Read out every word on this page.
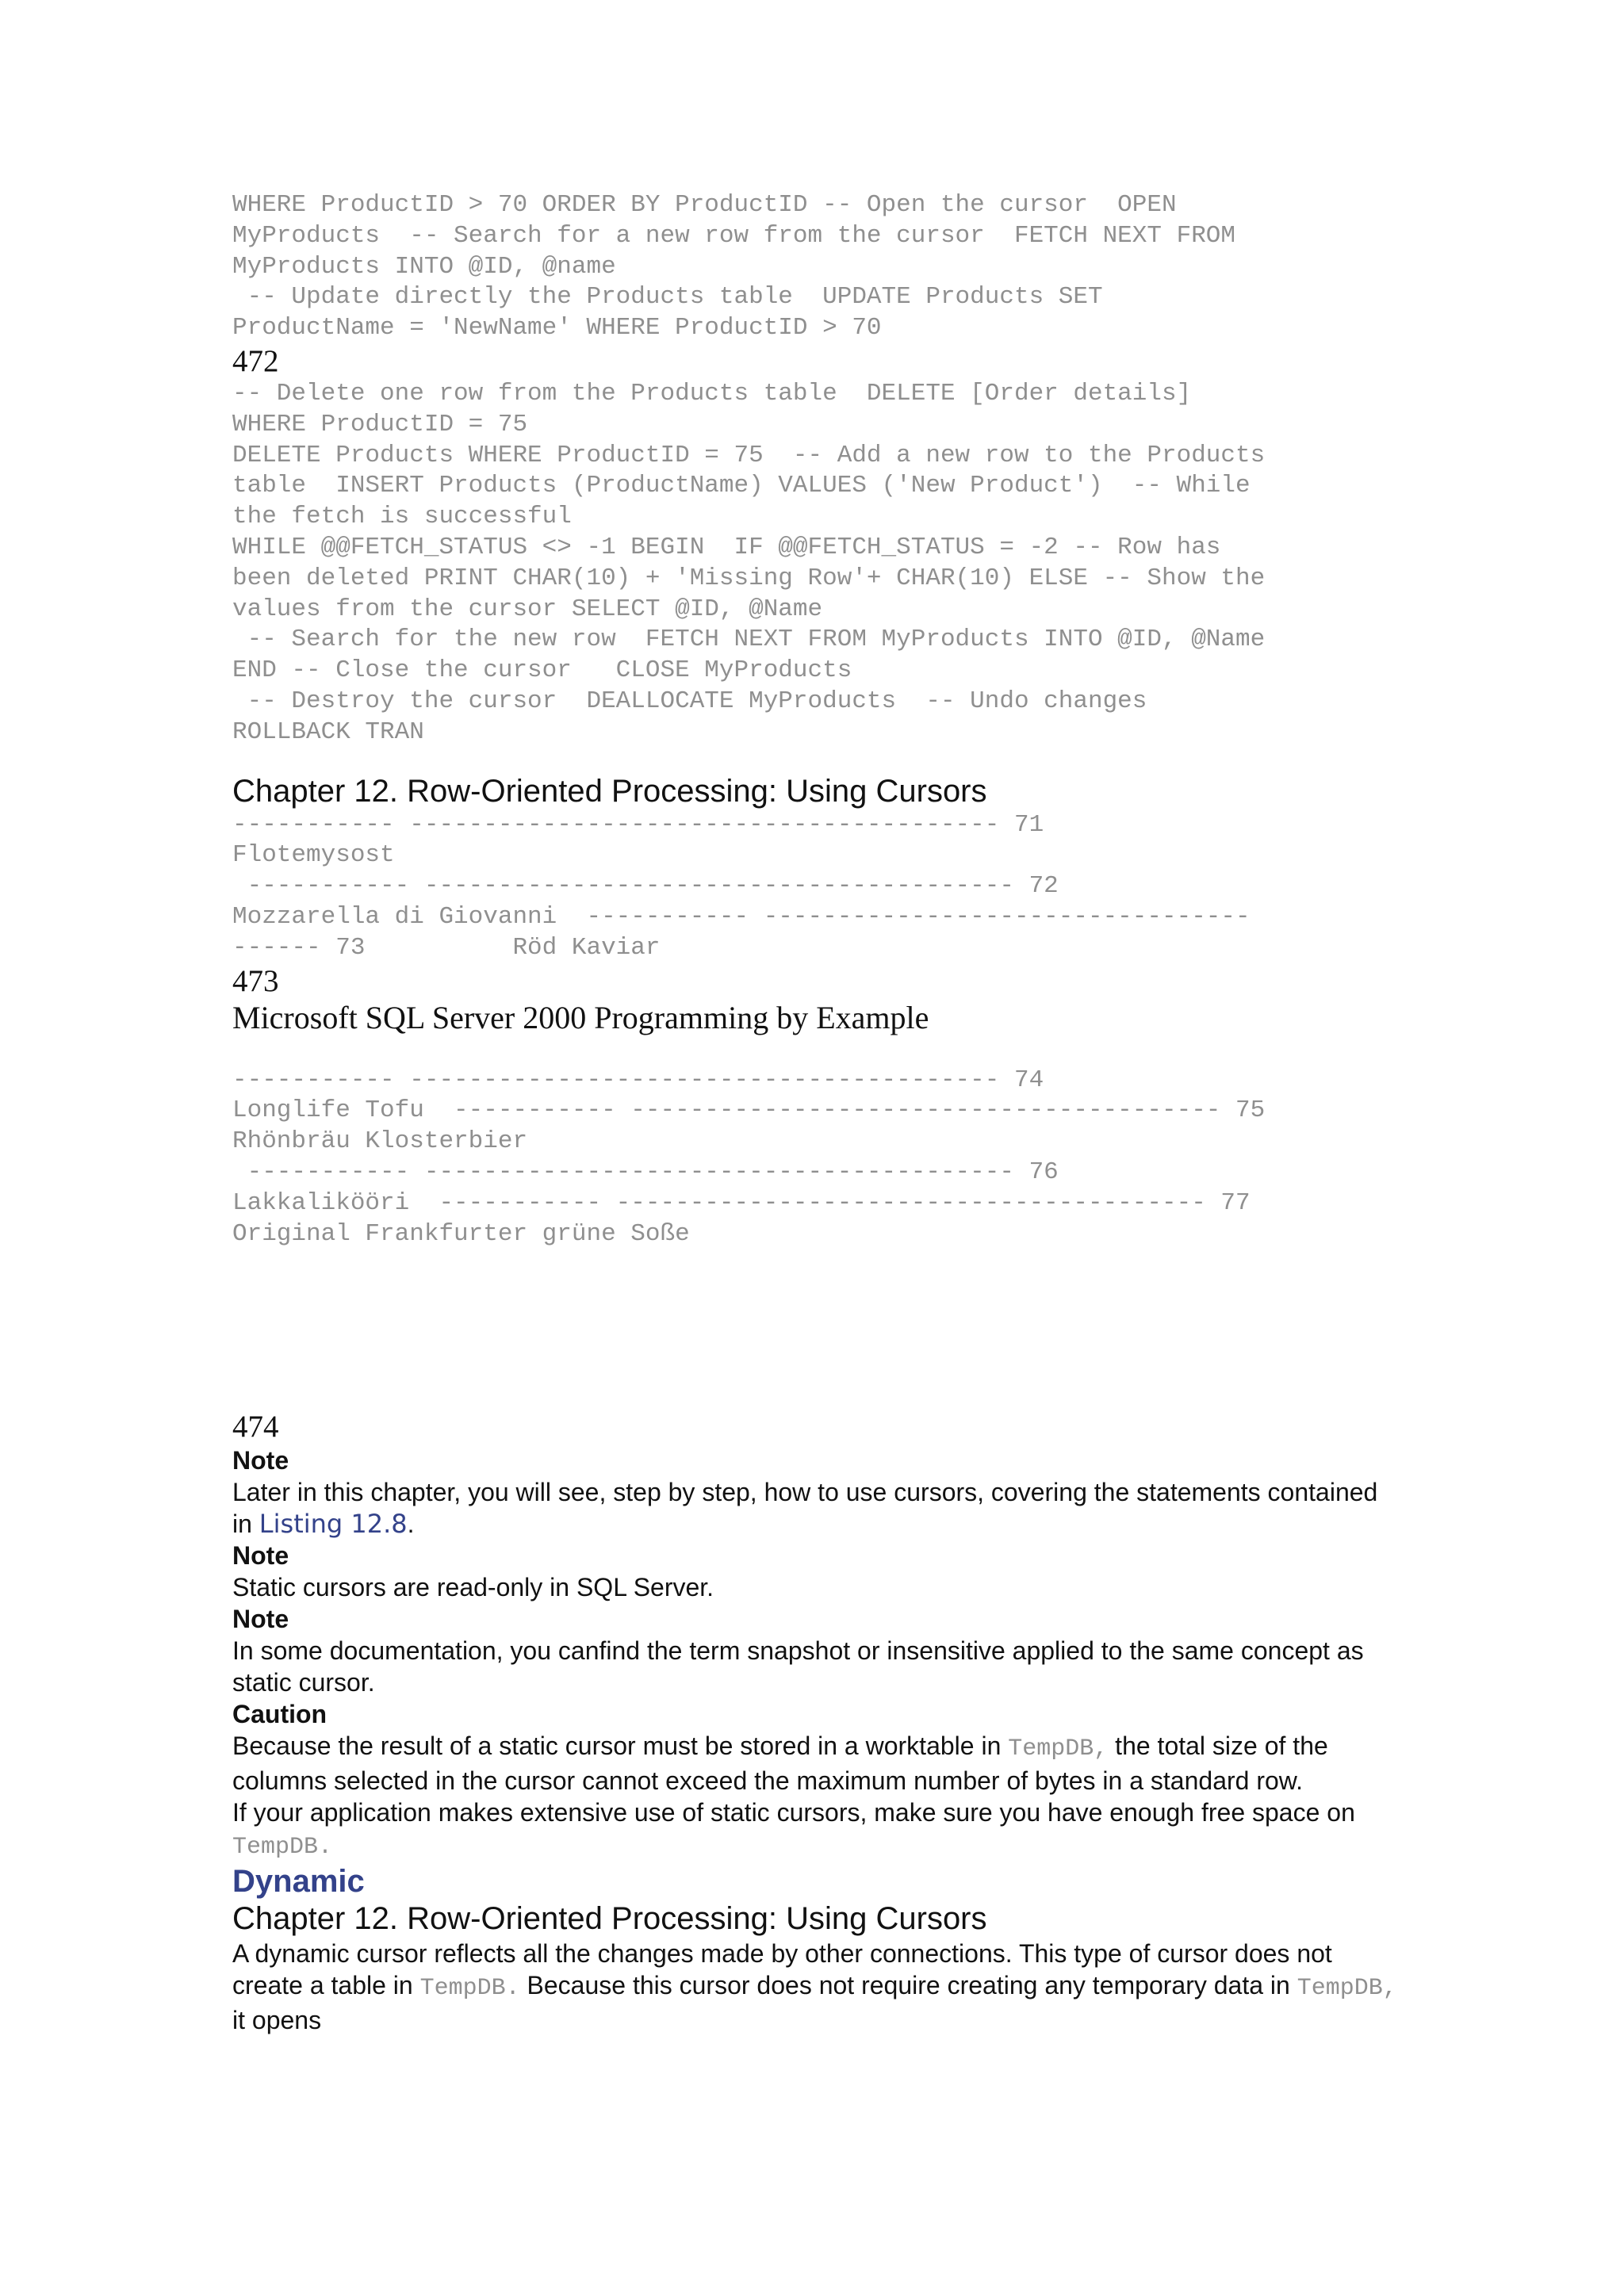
WHERE ProductID > 70 ORDER BY ProductID -- Open the cursor  OPEN
MyProducts  -- Search for a new row from the cursor  FETCH NEXT FROM
MyProducts INTO @ID, @name
-- Update directly the Products table  UPDATE Products SET
ProductName = 'NewName' WHERE ProductID > 70
472
-- Delete one row from the Products table  DELETE [Order details]
WHERE ProductID = 75
DELETE Products WHERE ProductID = 75  -- Add a new row to the Products
table  INSERT Products (ProductName) VALUES ('New Product')  -- While
the fetch is successful
WHILE @@FETCH_STATUS <> -1 BEGIN  IF @@FETCH_STATUS = -2 -- Row has
been deleted PRINT CHAR(10) + 'Missing Row'+ CHAR(10) ELSE -- Show the
values from the cursor SELECT @ID, @Name
-- Search for the new row  FETCH NEXT FROM MyProducts INTO @ID, @Name
END -- Close the cursor   CLOSE MyProducts
-- Destroy the cursor  DEALLOCATE MyProducts  -- Undo changes
ROLLBACK TRAN
Chapter 12. Row-Oriented Processing: Using Cursors
----------- ---------------------------------------- 71
Flotemysost
----------- ---------------------------------------- 72
Mozzarella di Giovanni  ----------- ---------------------------------
------ 73          Röd Kaviar
473
Microsoft SQL Server 2000 Programming by Example
----------- ---------------------------------------- 74
Longlife Tofu  ----------- ---------------------------------------- 75
Rhönbräu Klosterbier
----------- ---------------------------------------- 76
Lakkalikööri  ----------- ---------------------------------------- 77
Original Frankfurter grüne Soße
474
Note

Later in this chapter, you will see, step by step, how to use cursors, covering the statements contained in Listing 12.8.

Note

Static cursors are read-only in SQL Server.

Note

In some documentation, you canfind the term snapshot or insensitive applied to the same concept as static cursor.

Caution

Because the result of a static cursor must be stored in a worktable in TempDB, the total size of the columns selected in the cursor cannot exceed the maximum number of bytes in a standard row.

If your application makes extensive use of static cursors, make sure you have enough free space on TempDB.

Dynamic
Chapter 12. Row-Oriented Processing: Using Cursors

A dynamic cursor reflects all the changes made by other connections. This type of cursor does not create a table in TempDB. Because this cursor does not require creating any temporary data in TempDB, it opens
